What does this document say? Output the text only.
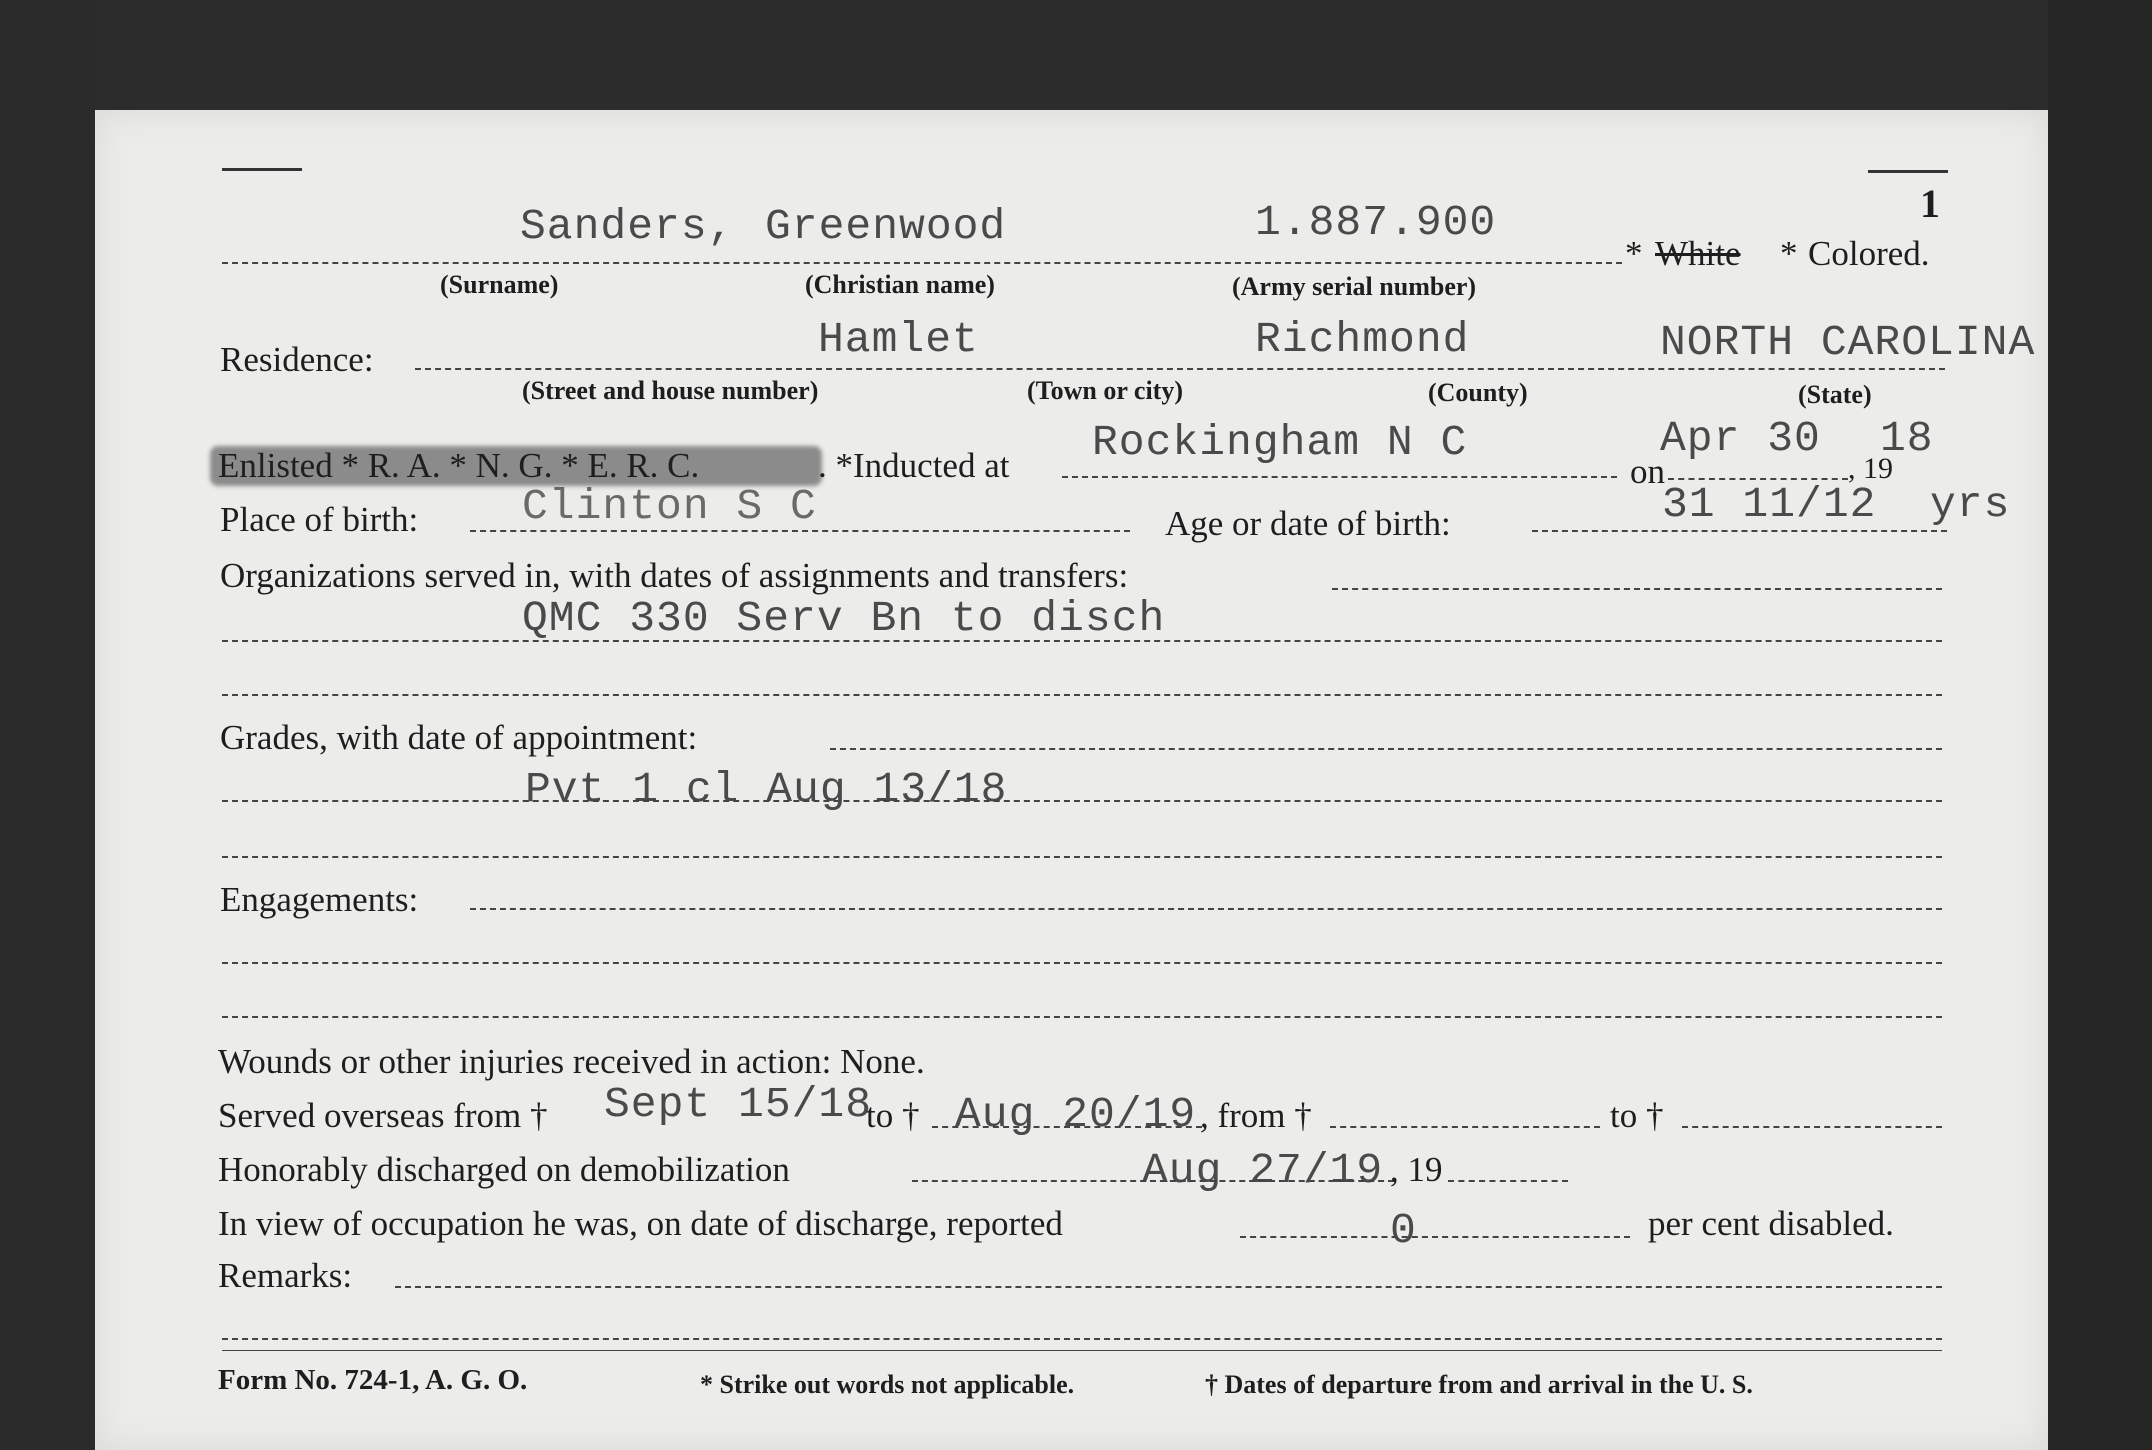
1
Sanders, Greenwood	1.887.900
* White * Colored.
(Surname)	(Christian name)	(Army serial number)
Residence:	Hamlet	Richmond	NORTH CAROLINA
(Street and house number)	(Town or city)	(County)	(State)
Enlisted * R. A. * N. G. * E. R. C.	. *Inducted at Rockingham N C	Apr 30 18
on	, 19
Place of birth: Clinton S C	Age or date of birth:	31 11/12 yrs
Organizations served in, with dates of assignments and transfers:
QMC 330 Serv Bn to disch
Grades, with date of appointment:
Pvt 1 cl Aug 13/18
Engagements:
Wounds or other injuries received in action: None.
Served overseas from † Sept 15/18
to † Aug 20/19 , from †	to †
Honorably discharged on demobilization	Aug 27/19 , 19
In view of occupation he was, on date of discharge, reported	0	per cent disabled.
Remarks:
Form No. 724-1, A. G. O.	* Strike out words not applicable.	† Dates of departure from and arrival in the U. S.
